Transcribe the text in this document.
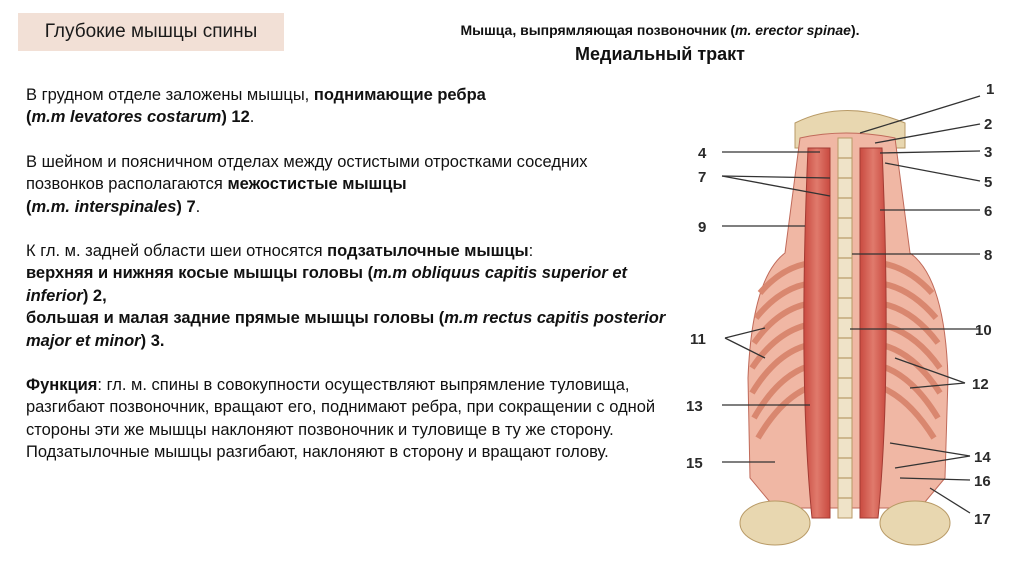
Глубокие мышцы спины	Мышца, выпрямляющая позвоночник (m. erector spinae).
Медиальный тракт

В грудном отделе заложены мышцы, поднимающие ребра
(m.m levatores costarum) 12.

В шейном и поясничном отделах между остистыми отростками соседних позвонков располагаются межостистые мышцы
(m.m. interspinales) 7.

К гл. м. задней области шеи относятся подзатылочные мышцы:
верхняя и нижняя косые мышцы головы (m.m obliquus capitis superior et inferior) 2,
большая и малая задние прямые мышцы головы (m.m rectus capitis posterior major et minor) 3.

Функция: гл. м. спины в совокупности осуществляют выпрямление туловища, разгибают позвоночник, вращают его, поднимают ребра, при сокращении с одной стороны эти же мышцы наклоняют позвоночник и туловище в ту же сторону. Подзатылочные мышцы разгибают, наклоняют в сторону и вращают голову.

1
2
3
4
5
7
6
9
8
10
11
12
13
14
15
16
17
